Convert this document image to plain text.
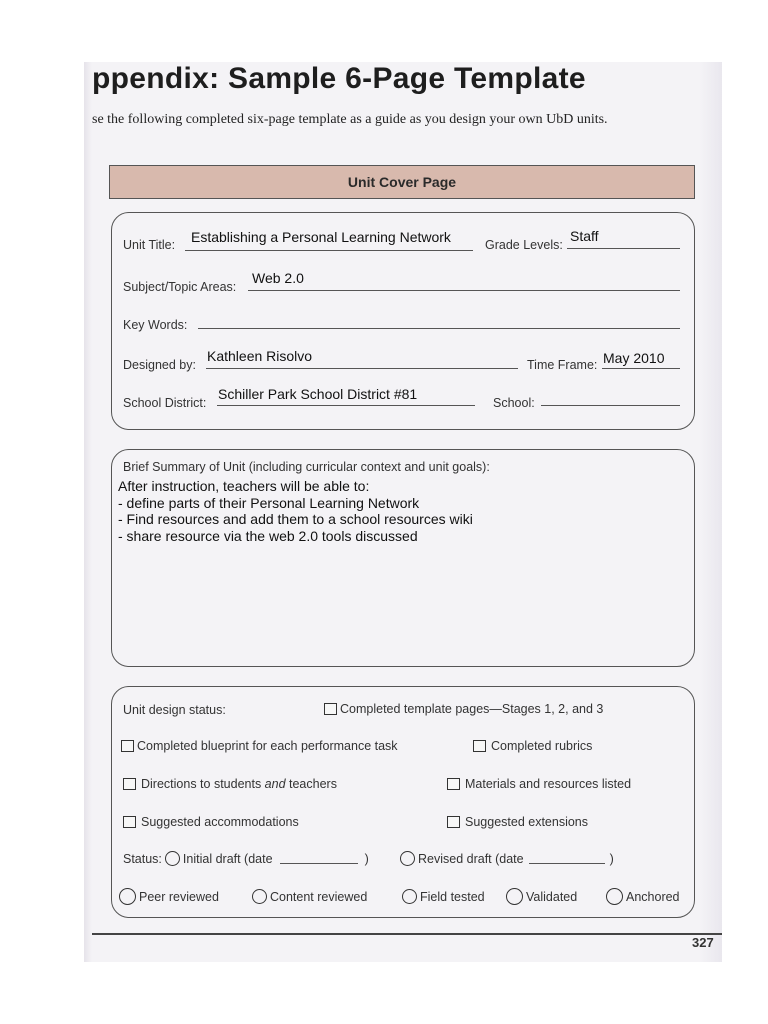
ppendix: Sample 6-Page Template
se the following completed six-page template as a guide as you design your own UbD units.
Unit Cover Page
Unit Title: Establishing a Personal Learning Network	Grade Levels:
Staff
Subject/Topic Areas:
Web 2.0
Key Words:
Designed by:
Kathleen Risolvo
Time Frame: May 2010
School District:
Schiller Park School District #81
School:
Brief Summary of Unit (including curricular context and unit goals):
After instruction, teachers will be able to:
- define parts of their Personal Learning Network
- Find resources and add them to a school resources wiki
- share resource via the web 2.0 tools discussed
Unit design status:	Completed template pages—Stages 1, 2, and 3
Completed blueprint for each performance task	Completed rubrics
Directions to students and teachers	Materials and resources listed
Suggested accommodations	Suggested extensions
Status: Initial draft (date	)	Revised draft (date	)
Peer reviewed	Content reviewed	Field tested	Validated	Anchored
327
